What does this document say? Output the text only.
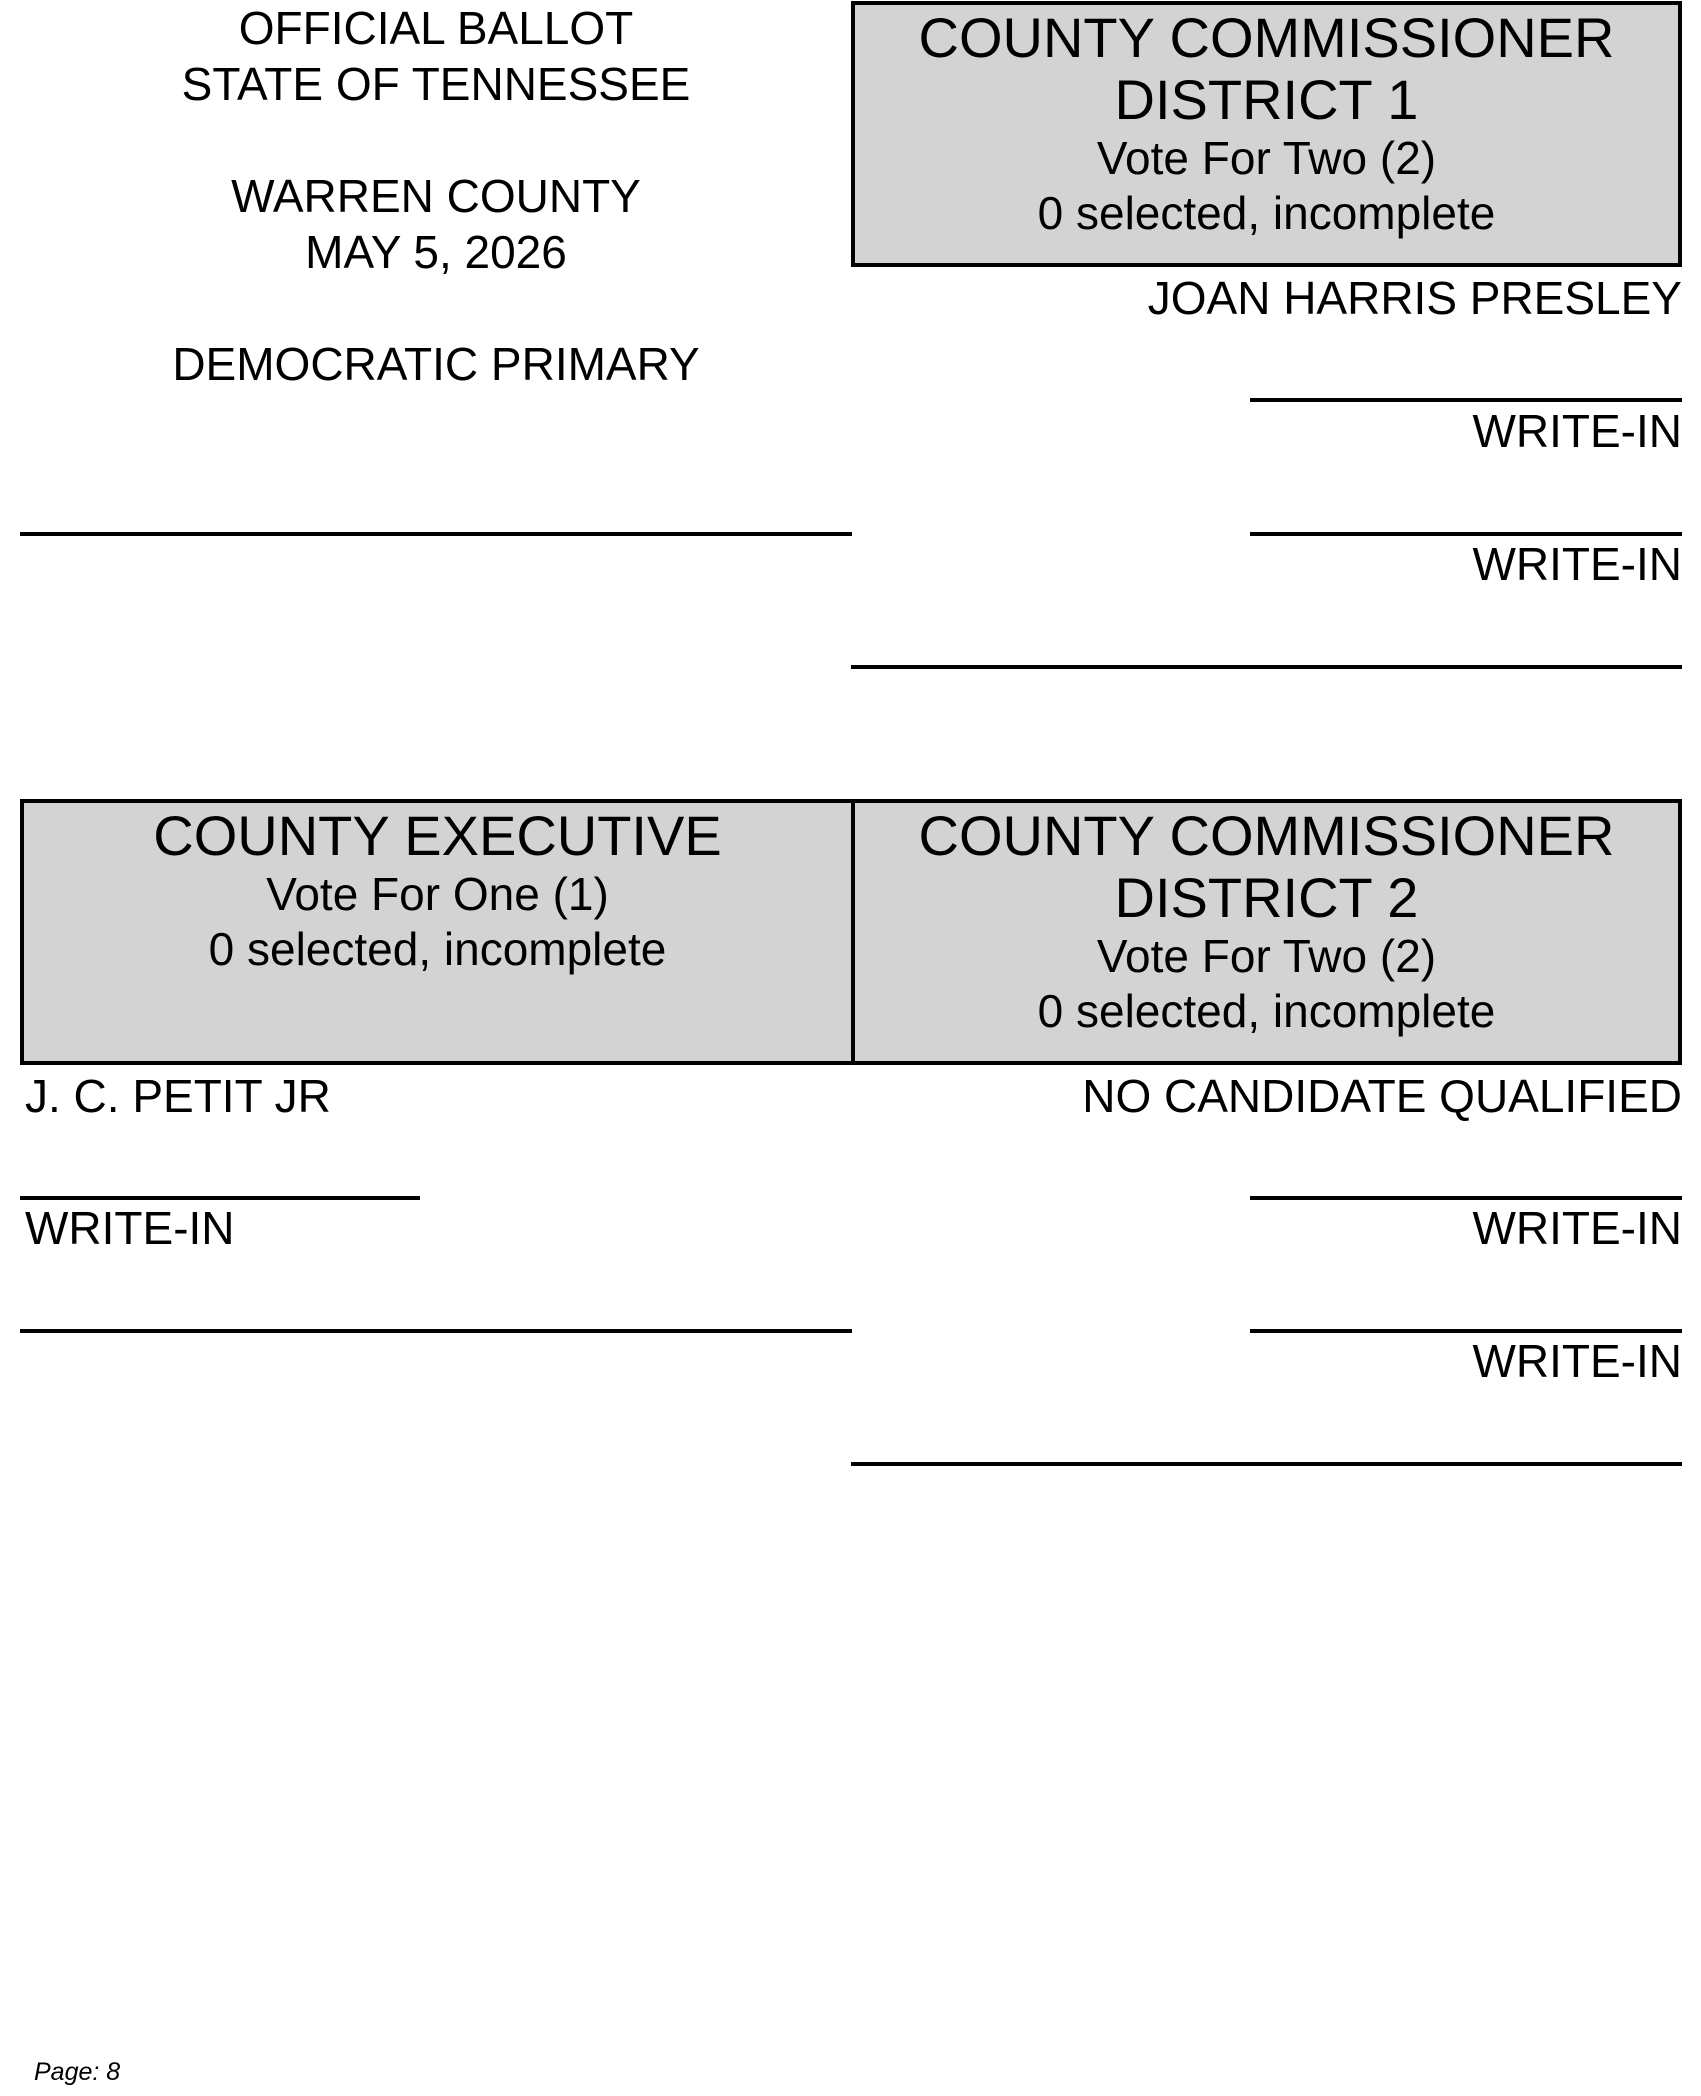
OFFICIAL BALLOT
STATE OF TENNESSEE
WARREN COUNTY
MAY 5, 2026
DEMOCRATIC PRIMARY
COUNTY COMMISSIONER
DISTRICT 1
Vote For Two (2)
0 selected, incomplete
JOAN HARRIS PRESLEY
WRITE-IN
WRITE-IN
COUNTY EXECUTIVE
Vote For One (1)
0 selected, incomplete
J. C. PETIT JR
WRITE-IN
COUNTY COMMISSIONER
DISTRICT 2
Vote For Two (2)
0 selected, incomplete
NO CANDIDATE QUALIFIED
WRITE-IN
WRITE-IN
Page: 8
